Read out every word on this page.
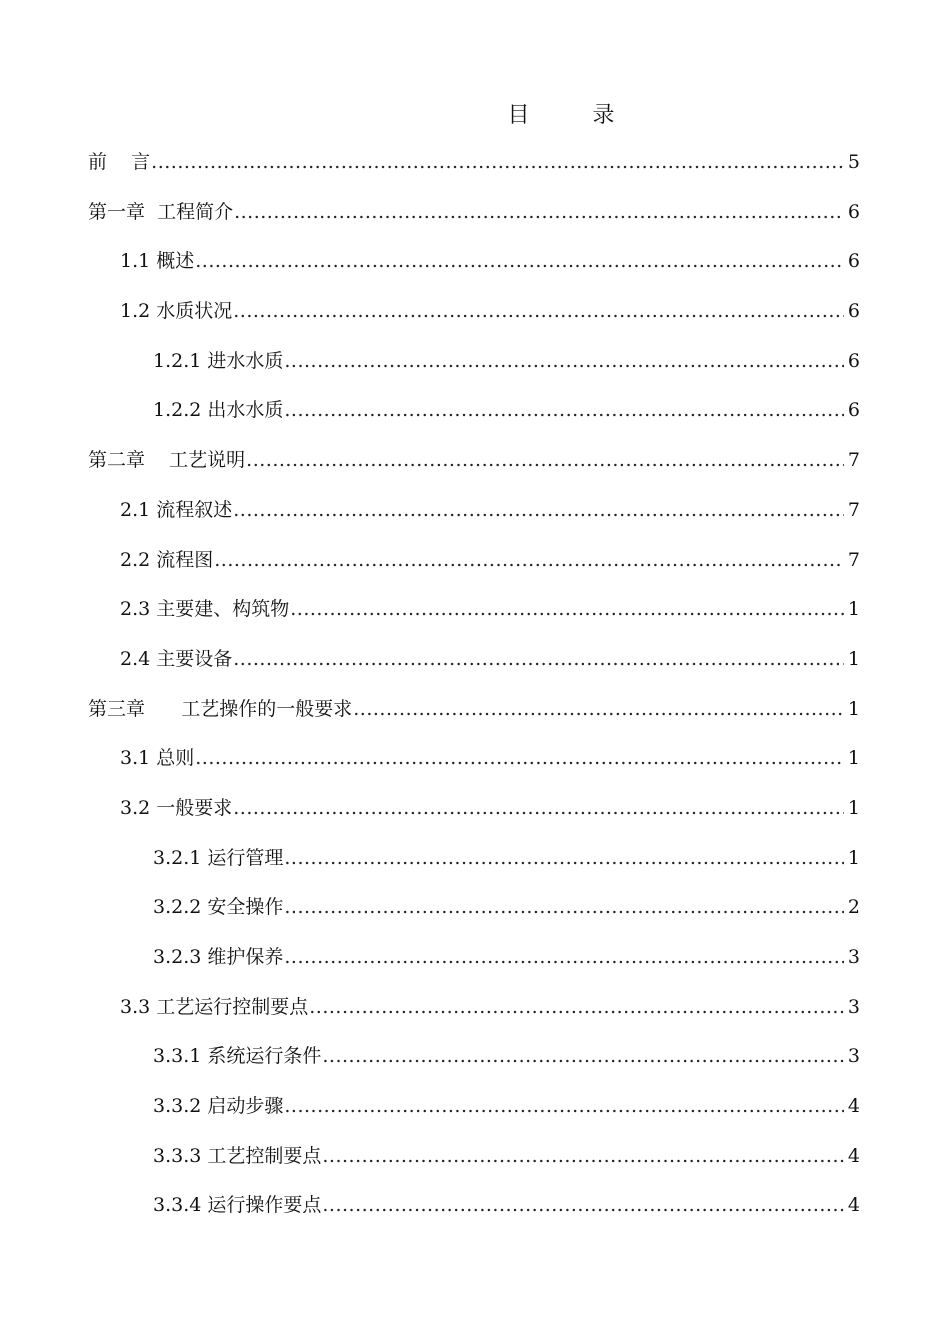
目 录
前    言 .....	5
第一章  工程简介 .....	6
1.1 概述 .....	6
1.2 水质状况 .....	6
1.2.1 进水水质 .....	6
1.2.2 出水水质 .....	6
第二章    工艺说明 .....	7
2.1 流程叙述 .....	7
2.2 流程图 .....	7
2.3 主要建、构筑物 .....	1
2.4 主要设备 .....	1
第三章      工艺操作的一般要求 .....	1
3.1 总则 .....	1
3.2 一般要求 .....	1
3.2.1 运行管理 .....	1
3.2.2 安全操作 .....	2
3.2.3 维护保养 .....	3
3.3 工艺运行控制要点 .....	3
3.3.1 系统运行条件 .....	3
3.3.2 启动步骤 .....	4
3.3.3 工艺控制要点 .....	4
3.3.4 运行操作要点 .....	4
